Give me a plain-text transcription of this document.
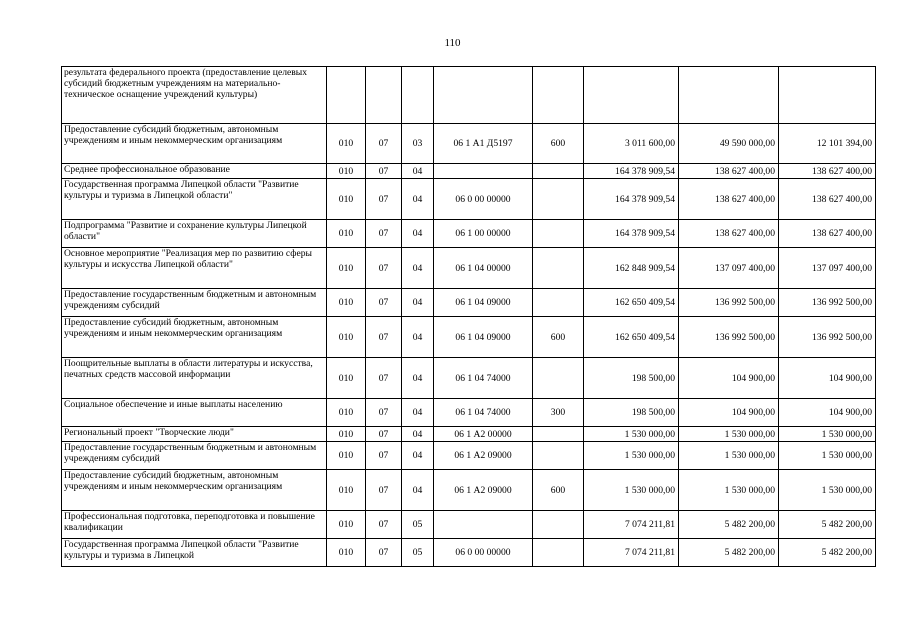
110
результата федерального проекта (предоставление целевых субсидий бюджетным учреждениям на материально-техническое оснащение учреждений культуры)								
Предоставление субсидий бюджетным, автономным учреждениям и иным некоммерческим организациям	010	07	03	06 1 А1 Д5197	600	3 011 600,00	49 590 000,00	12 101 394,00
Среднее профессиональное образование	010	07	04			164 378 909,54	138 627 400,00	138 627 400,00
Государственная программа Липецкой области "Развитие культуры и туризма в Липецкой области"	010	07	04	06 0 00 00000		164 378 909,54	138 627 400,00	138 627 400,00
Подпрограмма "Развитие и сохранение культуры Липецкой области"	010	07	04	06 1 00 00000		164 378 909,54	138 627 400,00	138 627 400,00
Основное мероприятие "Реализация мер по развитию сферы культуры и искусства Липецкой области"	010	07	04	06 1 04 00000		162 848 909,54	137 097 400,00	137 097 400,00
Предоставление государственным бюджетным и автономным учреждениям субсидий	010	07	04	06 1 04 09000		162 650 409,54	136 992 500,00	136 992 500,00
Предоставление субсидий бюджетным, автономным учреждениям и иным некоммерческим организациям	010	07	04	06 1 04 09000	600	162 650 409,54	136 992 500,00	136 992 500,00
Поощрительные выплаты в области литературы и искусства, печатных средств массовой информации	010	07	04	06 1 04 74000		198 500,00	104 900,00	104 900,00
Социальное обеспечение и иные выплаты населению	010	07	04	06 1 04 74000	300	198 500,00	104 900,00	104 900,00
Региональный проект "Творческие люди"	010	07	04	06 1 А2 00000		1 530 000,00	1 530 000,00	1 530 000,00
Предоставление государственным бюджетным и автономным учреждениям субсидий	010	07	04	06 1 А2 09000		1 530 000,00	1 530 000,00	1 530 000,00
Предоставление субсидий бюджетным, автономным учреждениям и иным некоммерческим организациям	010	07	04	06 1 А2 09000	600	1 530 000,00	1 530 000,00	1 530 000,00
Профессиональная подготовка, переподготовка и повышение квалификации	010	07	05			7 074 211,81	5 482 200,00	5 482 200,00
Государственная программа Липецкой области "Развитие культуры и туризма в Липецкой	010	07	05	06 0 00 00000		7 074 211,81	5 482 200,00	5 482 200,00
